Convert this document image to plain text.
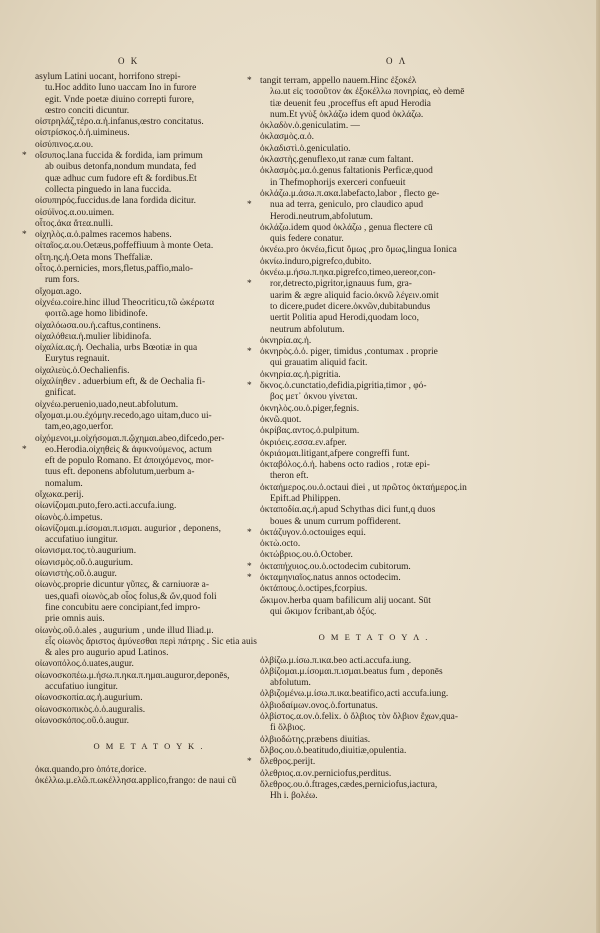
O K	O Λ
asylum Latini uocant, horrifono strepi-
tu.Hoc addito Iuno uaccam Ino in furore
egit. Vnde poetæ diuino correpti furore,
œstro conciti dicuntur.
οἰστρηλάζ,τέρο.α.ἡ.infanus,œstro concitatus.
οἰστρίσκος.ὁ.ἡ.uimineus.
οἰσύπινος.α.ου.
* οἴσυπος.lana fuccida & fordida, iam primum
ab ouibus detonfa,nondum mundata, fed
quæ adhuc cum fudore eft & fordibus.Et
collecta pinguedo in lana fuccida.
οἰσυπηρός.fuccidus.de lana fordida dicitur.
οἰσύϊνος.α.ου.uimen.
οἶτος.ἀκα ἄτεα.nulli.
* οἰχηλὸς.α.ὁ.palmes racemos habens.
οἰταῖος.α.ου.Oetæus,poffeffiuum à monte Oeta.
οἴτη.ης.ἡ.Oeta mons Theffaliæ.
οἶτος.ὁ.pernicies, mors,fletus,paffio,malo-
rum fors.
οἴχομαι.ago.
οἰχνέω.coire.hinc illud Theocriticu,τῶ ὠκέρωτα
φοιτῶ.age homo libidinofe.
οἰχαλόωσα.ου.ἡ.caftus,continens.
οἰχαλόθεια.ἡ.mulier libidinofa.
οἰχαλία.ας.ἡ. Oechalia, urbs Bœotiæ in qua
Eurytus regnauit.
οἰχαλιεὺς.ὁ.Oechalienfis.
οἰχαλίηθεν . aduerbium eft, & de Oechalia fi-
gnificat.
οἰχνέω.peruenio,uado,neut.abfolutum.
οἴχομαι.μ.ου.ἐχόμην.recedo,ago uitam,duco ui-
tam,eo,ago,uerfor.
οἰχόμενοι,μ.οἰχήσομαι.π.ᾤχημαι.abeo,difcedo,per-
* eo.Herodia.οἰχηθεὶς & ἀφικνούμενος, actum
eft de populo Romano. Et ἀποιχόμενος, mor-
tuus eft. deponens abfolutum,uerbum a-
nomalum.
οἴχωκα.perij.
οἰωνίζομαι.puto,fero.acti.accufa.iung.
οἰωνὸς.ὁ.impetus.
οἰωνίζομαι.μ.ίσομαι.π.ισμαι. augurior , deponens,
accufatiuo iungitur.
οἰωνισμα.τος.τὸ.augurium.
οἰωνισμὸς.οῦ.ὁ.augurium.
οἰωνιστὴς.οῦ.ὁ.augur.
οἰωνὸς.proprie dicuntur γῦπες, & carniuoræ a-
ues,quafi οἰωνὸς,ab οἶος folus,& ὤν,quod foli
fine concubitu aere concipiant,fed impro-
prie omnis auis.
οἰωνὸς.οῦ.ὁ.ales , augurium , unde illud Iliad.μ.
εἷς οἰωνὸς ἄριστος ἀμύνεσθαι περὶ πάτρης . Sic etia auis
& ales pro augurio apud Latinos.
οἰωνοπόλος.ὁ.uates,augur.
οἰωνοσκοπέω.μ.ήσω.π.ηκα.π.ημαι.auguror,deponēs,
accufatiuo iungitur.
οἰωνοσκοπία.ας.ἡ.augurium.
οἰωνοσκοπικὸς.ὁ.ὁ.auguralis.
οἰωνοσκόπος.οῦ.ὁ.augur.
O M E T A T O Y K .
ὀκα.quando,pro ὁπότε,dorice.
ὀκέλλω.μ.ελῶ.π.ωκέλλησα.applico,frango: de naui cũ
* tangit terram, appello nauem.Hinc ἐξοκέλ
λω.ut εἰς τοσοῦτον ἀκ ἐξοκέλλω πονηρίας, eò demē
tiæ deuenit feu ,proceffus eft apud Herodia
num.Et γνὺξ ὀκλάζω idem quod ὀκλάζω.
ὀκλαδὸν.ὁ.geniculatim. —
ὀκλασμὸς.α.ὁ.
ὀκλαδιστὶ.ὁ.geniculatio.
ὀκλαστὴς.genuflexo,ut ranæ cum faltant.
ὀκλασμὸς.μα.ὁ.genus faltationis Perficæ,quod
in Thefmophorijs exerceri confueuit
ὀκλάζω.μ.άσω.π.ακα.labefacto,labor , flecto ge-
* nua ad terra, geniculo, pro claudico apud
Herodi.neutrum,abfolutum.
ὀκλάζω.idem quod ὀκλάζω , genua flectere cū
quis federe conatur.
ὀκνέω.pro ὀκνέω,ficut ὅμως ,pro ὅμως,lingua Ionica
ὀκνίω.induro,pigrefco,dubito.
ὀκνέω.μ.ήσω.π.ηκα.pigrefco,timeo,uereor,con-
* ror,detrecto,pigritor,ignauus fum, gra-
uarim & ægre aliquid facio.ὀκνῶ λέγειν.omit
to dicere,pudet dicere.ὀκνῶν,dubitabundus
uertit Politia apud Herodi,quodam loco,
neutrum abfolutum.
ὀκνηρία.ας.ἡ.
* ὀκνηρὸς.ὁ.ὁ. piger, timidus ,contumax . proprie
qui grauatim aliquid facit.
ὀκνηρία.ας.ἡ.pigritia.
* ὄκνος.ὁ.cunctatio,defidia,pigritia,timor , φό-
βος μετ᾽ ὀκνου γίνεται.
ὀκνηλὸς.ου.ὁ.piger,fegnis.
ὀκνῶ.quot.
ὀκρίβας.αντος.ὁ.pulpitum.
ὀκριόεις.εσσα.εν.afper.
ὀκριάομαι.litigant,afpere congreffi funt.
ὀκταβόλος.ὁ.ἡ. habens octo radios , rotæ epi-
theron eft.
ὀκταήμερος.ου.ὁ.octaui diei , ut πρῶτος ὀκταήμερος.in
Epift.ad Philippen.
ὀκταποδία.ας.ἡ.apud Schythas dici funt,q duos
boues & unum currum poffiderent.
* ὀκτάζυγον.ὀ.octouiges equi.
ὀκτὼ.octo.
ὀκτώβριος.ου.ὁ.October.
* ὀκταπήχυιος.ου.ὁ.octodecim cubitorum.
* ὀκταμηνιαῖος.natus annos octodecim.
ὀκτάπους.ὁ.octipes,fcorpius.
ὤκιμον.herba quam bafilicum alij uocant. Sūt
qui ὤκιμον fcribant,ab ὀξύς.
O M E T A T O Y Λ .
ὀλβίζω.μ.ίσω.π.ικα.beo acti.accufa.iung.
ὀλβίζομαι.μ.ίσομαι.π.ισμαι.beatus fum , deponēs
abfolutum.
ὀλβιζομένω.μ.ίσω.π.ικα.beatifico,acti accufa.iung.
ὀλβιοδαίμων.ονος.ὁ.fortunatus.
ὀλβίστος.α.ον.ὁ.felix. ὁ ὄλβιος τὸν ὄλβιον ἔχων,qua-
fi ὄλβιος.
ὀλβιοδώτης.præbens diuitias.
ὄλβος.ου.ὁ.beatitudo,diuitiæ,opulentia.
* ὄλεθρος.perijt.
ὀλεθριος.α.ον.perniciofus,perditus.
ὄλεθρος.ου.ὁ.ftrages,cædes,perniciofus,iactura,
Hh i. βολέω.
